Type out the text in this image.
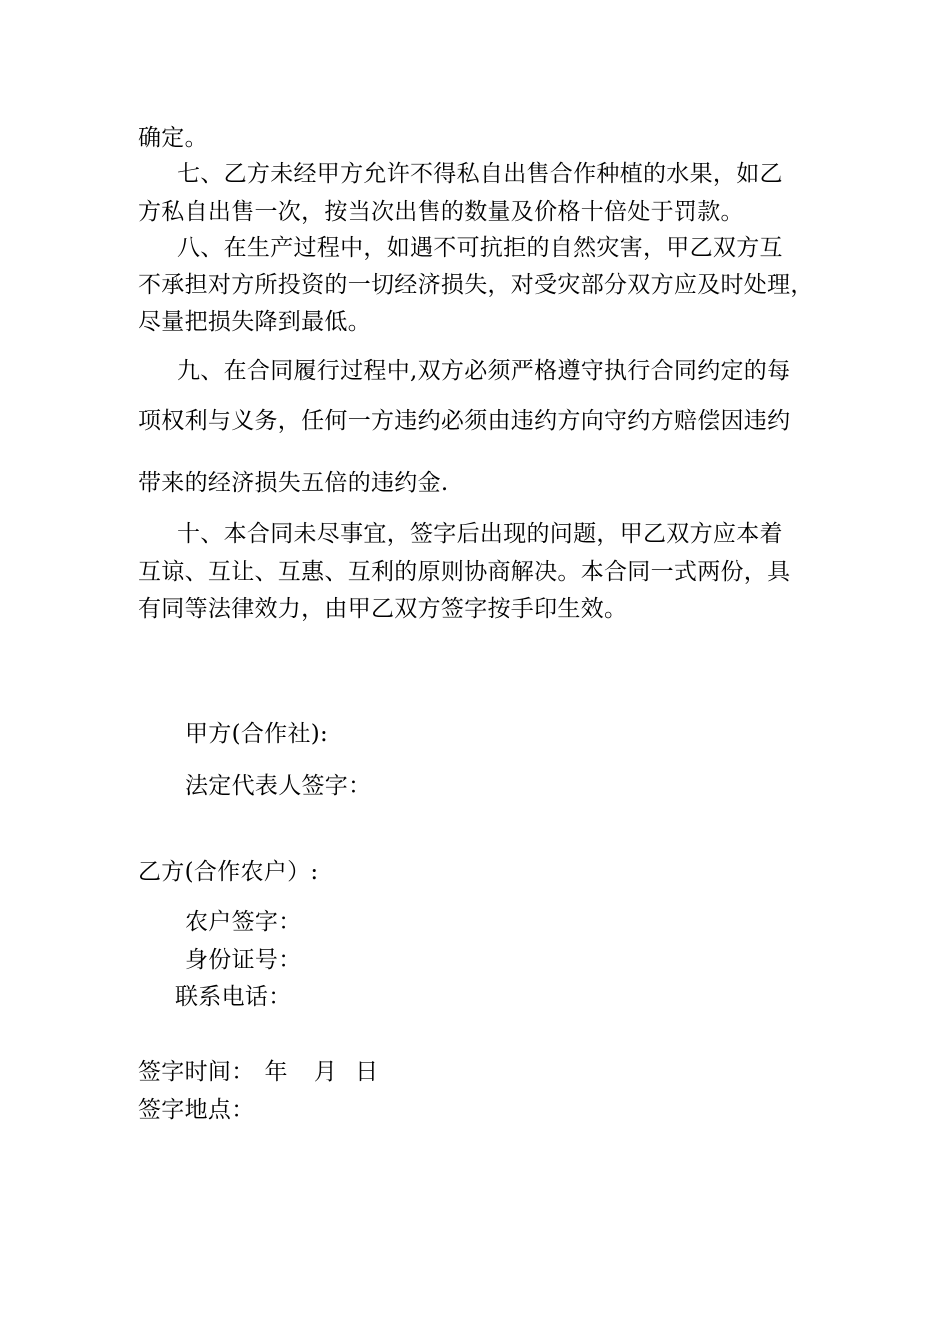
确定。
七、乙方未经甲方允许不得私自出售合作种植的水果，如乙
方私自出售一次，按当次出售的数量及价格十倍处于罚款。
八、在生产过程中，如遇不可抗拒的自然灾害，甲乙双方互
不承担对方所投资的一切经济损失，对受灾部分双方应及时处理，
尽量把损失降到最低。
九、在合同履行过程中,双方必须严格遵守执行合同约定的每
项权利与义务，任何一方违约必须由违约方向守约方赔偿因违约
带来的经济损失五倍的违约金.
十、本合同未尽事宜，签字后出现的问题，甲乙双方应本着
互谅、互让、互惠、互利的原则协商解决。本合同一式两份，具
有同等法律效力，由甲乙双方签字按手印生效。
甲方(合作社):
法定代表人签字：
乙方(合作农户）:
农户签字：
身份证号：
联系电话：
签字时间： 年 月 日
签字地点：
